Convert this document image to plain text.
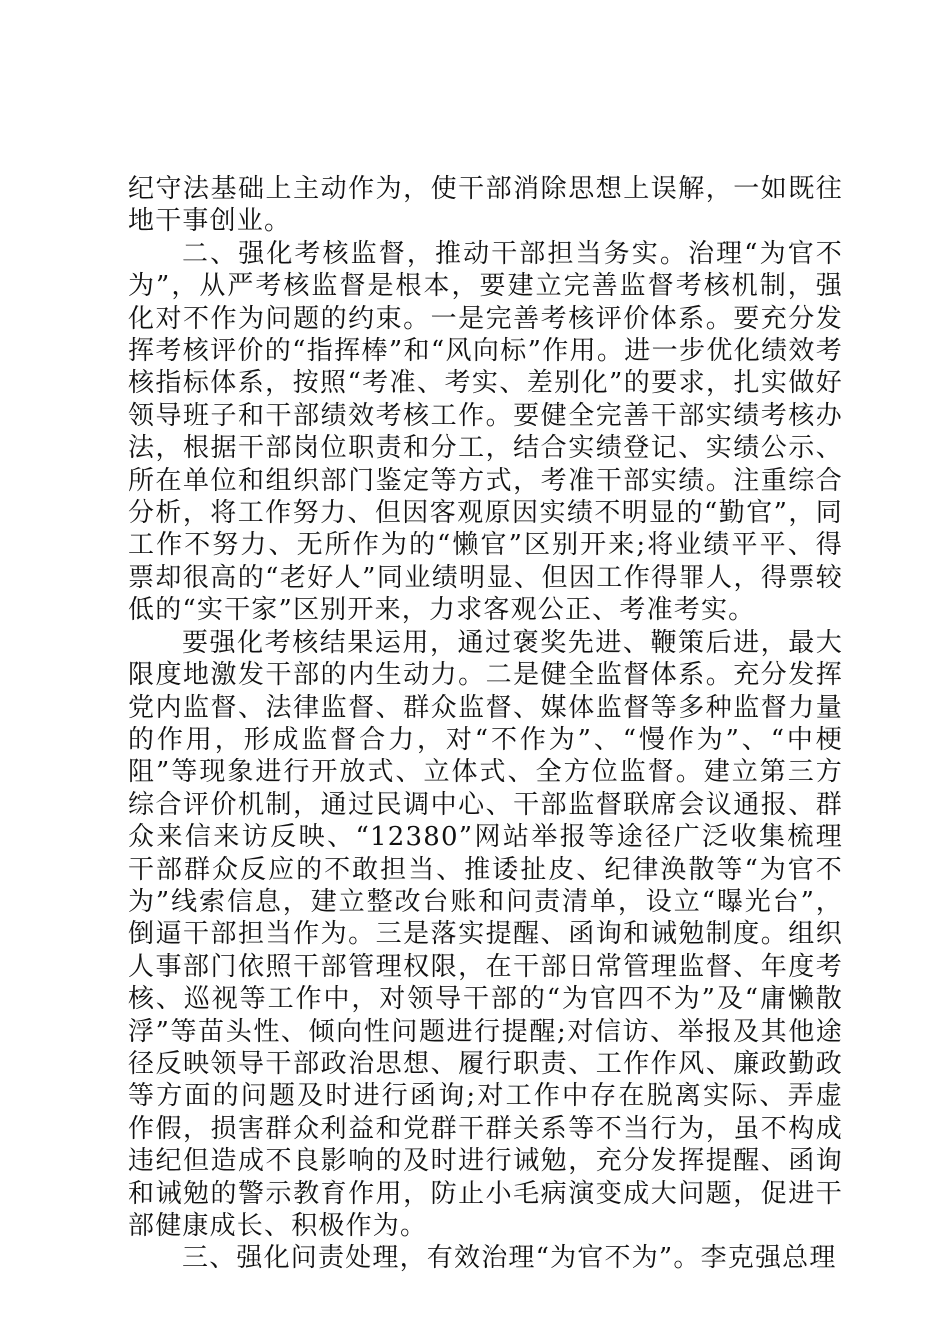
纪守法基础上主动作为，使干部消除思想上误解，一如既往地干事创业。

二、强化考核监督，推动干部担当务实。治理“为官不为”，从严考核监督是根本，要建立完善监督考核机制，强化对不作为问题的约束。一是完善考核评价体系。要充分发挥考核评价的“指挥棒”和“风向标”作用。进一步优化绩效考核指标体系，按照“考准、考实、差别化”的要求，扎实做好领导班子和干部绩效考核工作。要健全完善干部实绩考核办法，根据干部岗位职责和分工，结合实绩登记、实绩公示、所在单位和组织部门鉴定等方式，考准干部实绩。注重综合分析，将工作努力、但因客观原因实绩不明显的“勤官”，同工作不努力、无所作为的“懒官”区别开来;将业绩平平、得票却很高的“老好人”同业绩明显、但因工作得罪人，得票较低的“实干家”区别开来，力求客观公正、考准考实。

要强化考核结果运用，通过褒奖先进、鞭策后进，最大限度地激发干部的内生动力。二是健全监督体系。充分发挥党内监督、法律监督、群众监督、媒体监督等多种监督力量的作用，形成监督合力，对“不作为”、“慢作为”、“中梗阻”等现象进行开放式、立体式、全方位监督。建立第三方综合评价机制，通过民调中心、干部监督联席会议通报、群众来信来访反映、“12380”网站举报等途径广泛收集梳理干部群众反应的不敢担当、推诿扯皮、纪律涣散等“为官不为”线索信息，建立整改台账和问责清单，设立“曝光台”，倒逼干部担当作为。三是落实提醒、函询和诫勉制度。组织人事部门依照干部管理权限，在干部日常管理监督、年度考核、巡视等工作中，对领导干部的“为官四不为”及“庸懒散浮”等苗头性、倾向性问题进行提醒;对信访、举报及其他途径反映领导干部政治思想、履行职责、工作作风、廉政勤政等方面的问题及时进行函询;对工作中存在脱离实际、弄虚作假，损害群众利益和党群干群关系等不当行为，虽不构成违纪但造成不良影响的及时进行诫勉，充分发挥提醒、函询和诫勉的警示教育作用，防止小毛病演变成大问题，促进干部健康成长、积极作为。

三、强化问责处理，有效治理“为官不为”。李克强总理
